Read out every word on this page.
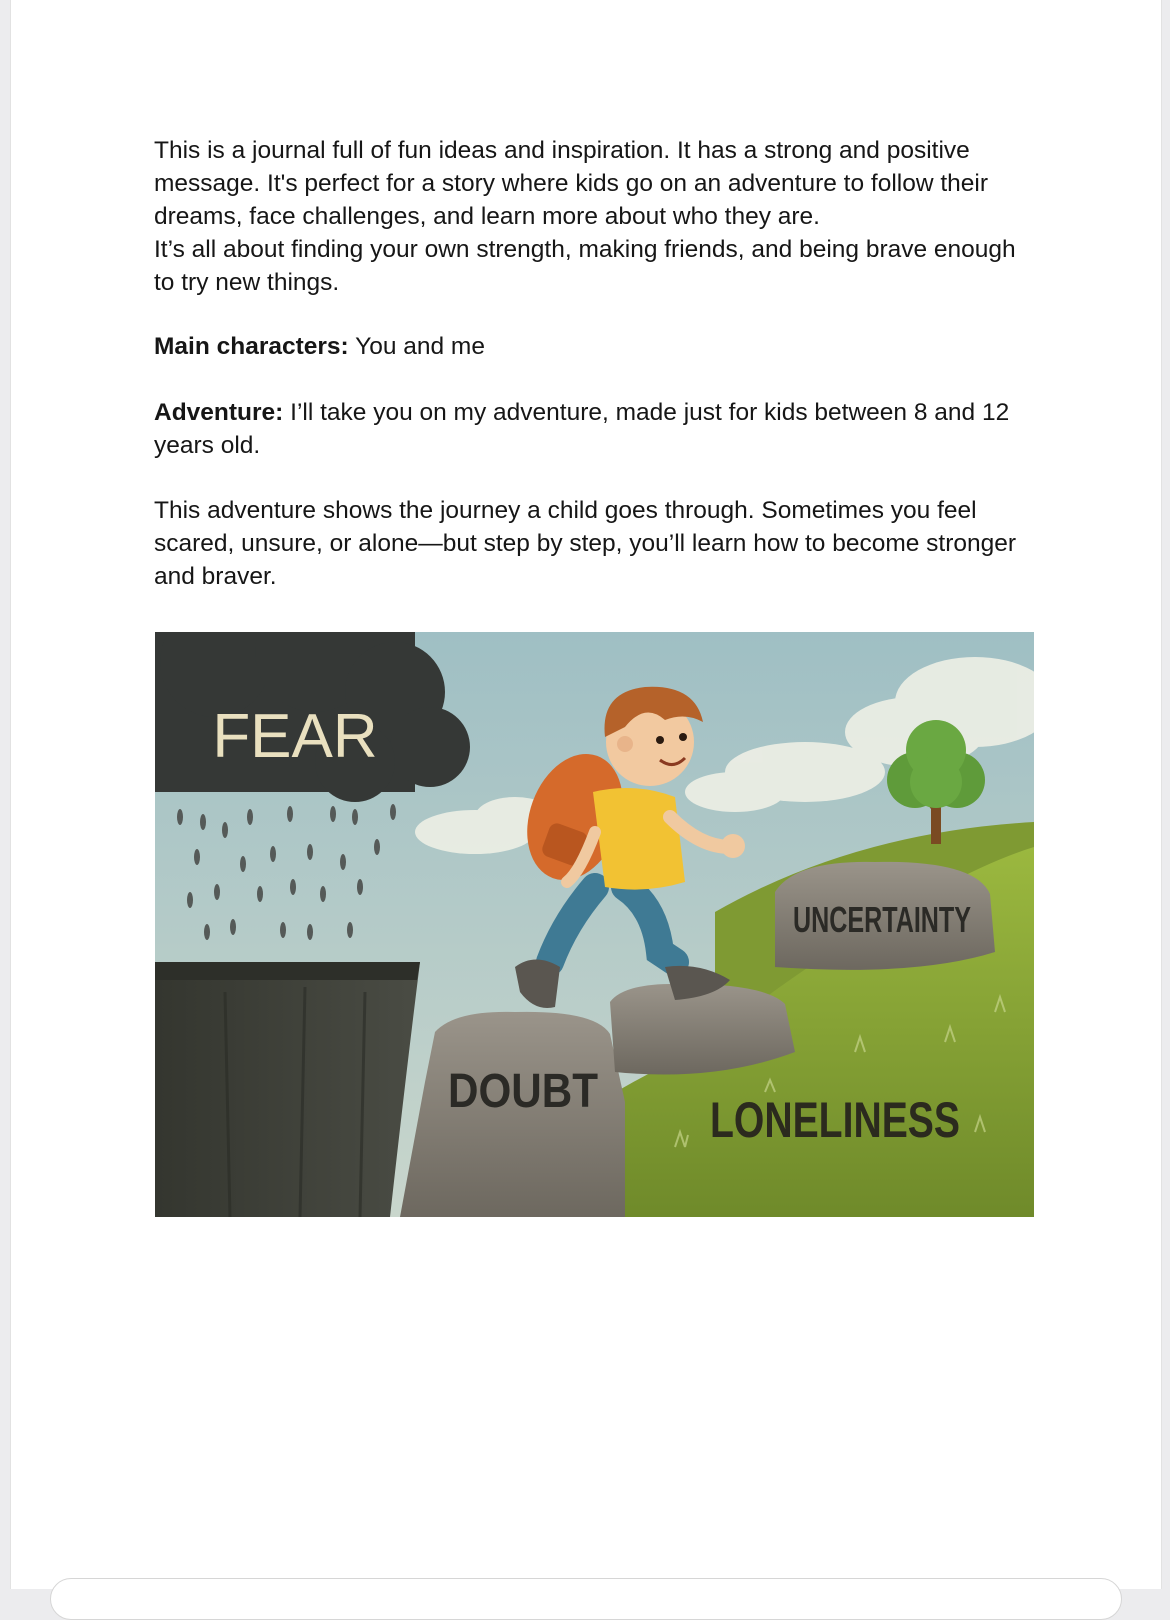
This is a journal full of fun ideas and inspiration. It has a strong and positive message. It's perfect for a story where kids go on an adventure to follow their dreams, face challenges, and learn more about who they are.

It’s all about finding your own strength, making friends, and being brave enough to try new things.

Main characters: You and me

Adventure: I’ll take you on my adventure, made just for kids between 8 and 12 years old.

This adventure shows the journey a child goes through. Sometimes you feel scared, unsure, or alone—but step by step, you’ll learn how to become stronger and braver.

UNCERTAINTY
FEAR
DOUBT
LONELINESS
